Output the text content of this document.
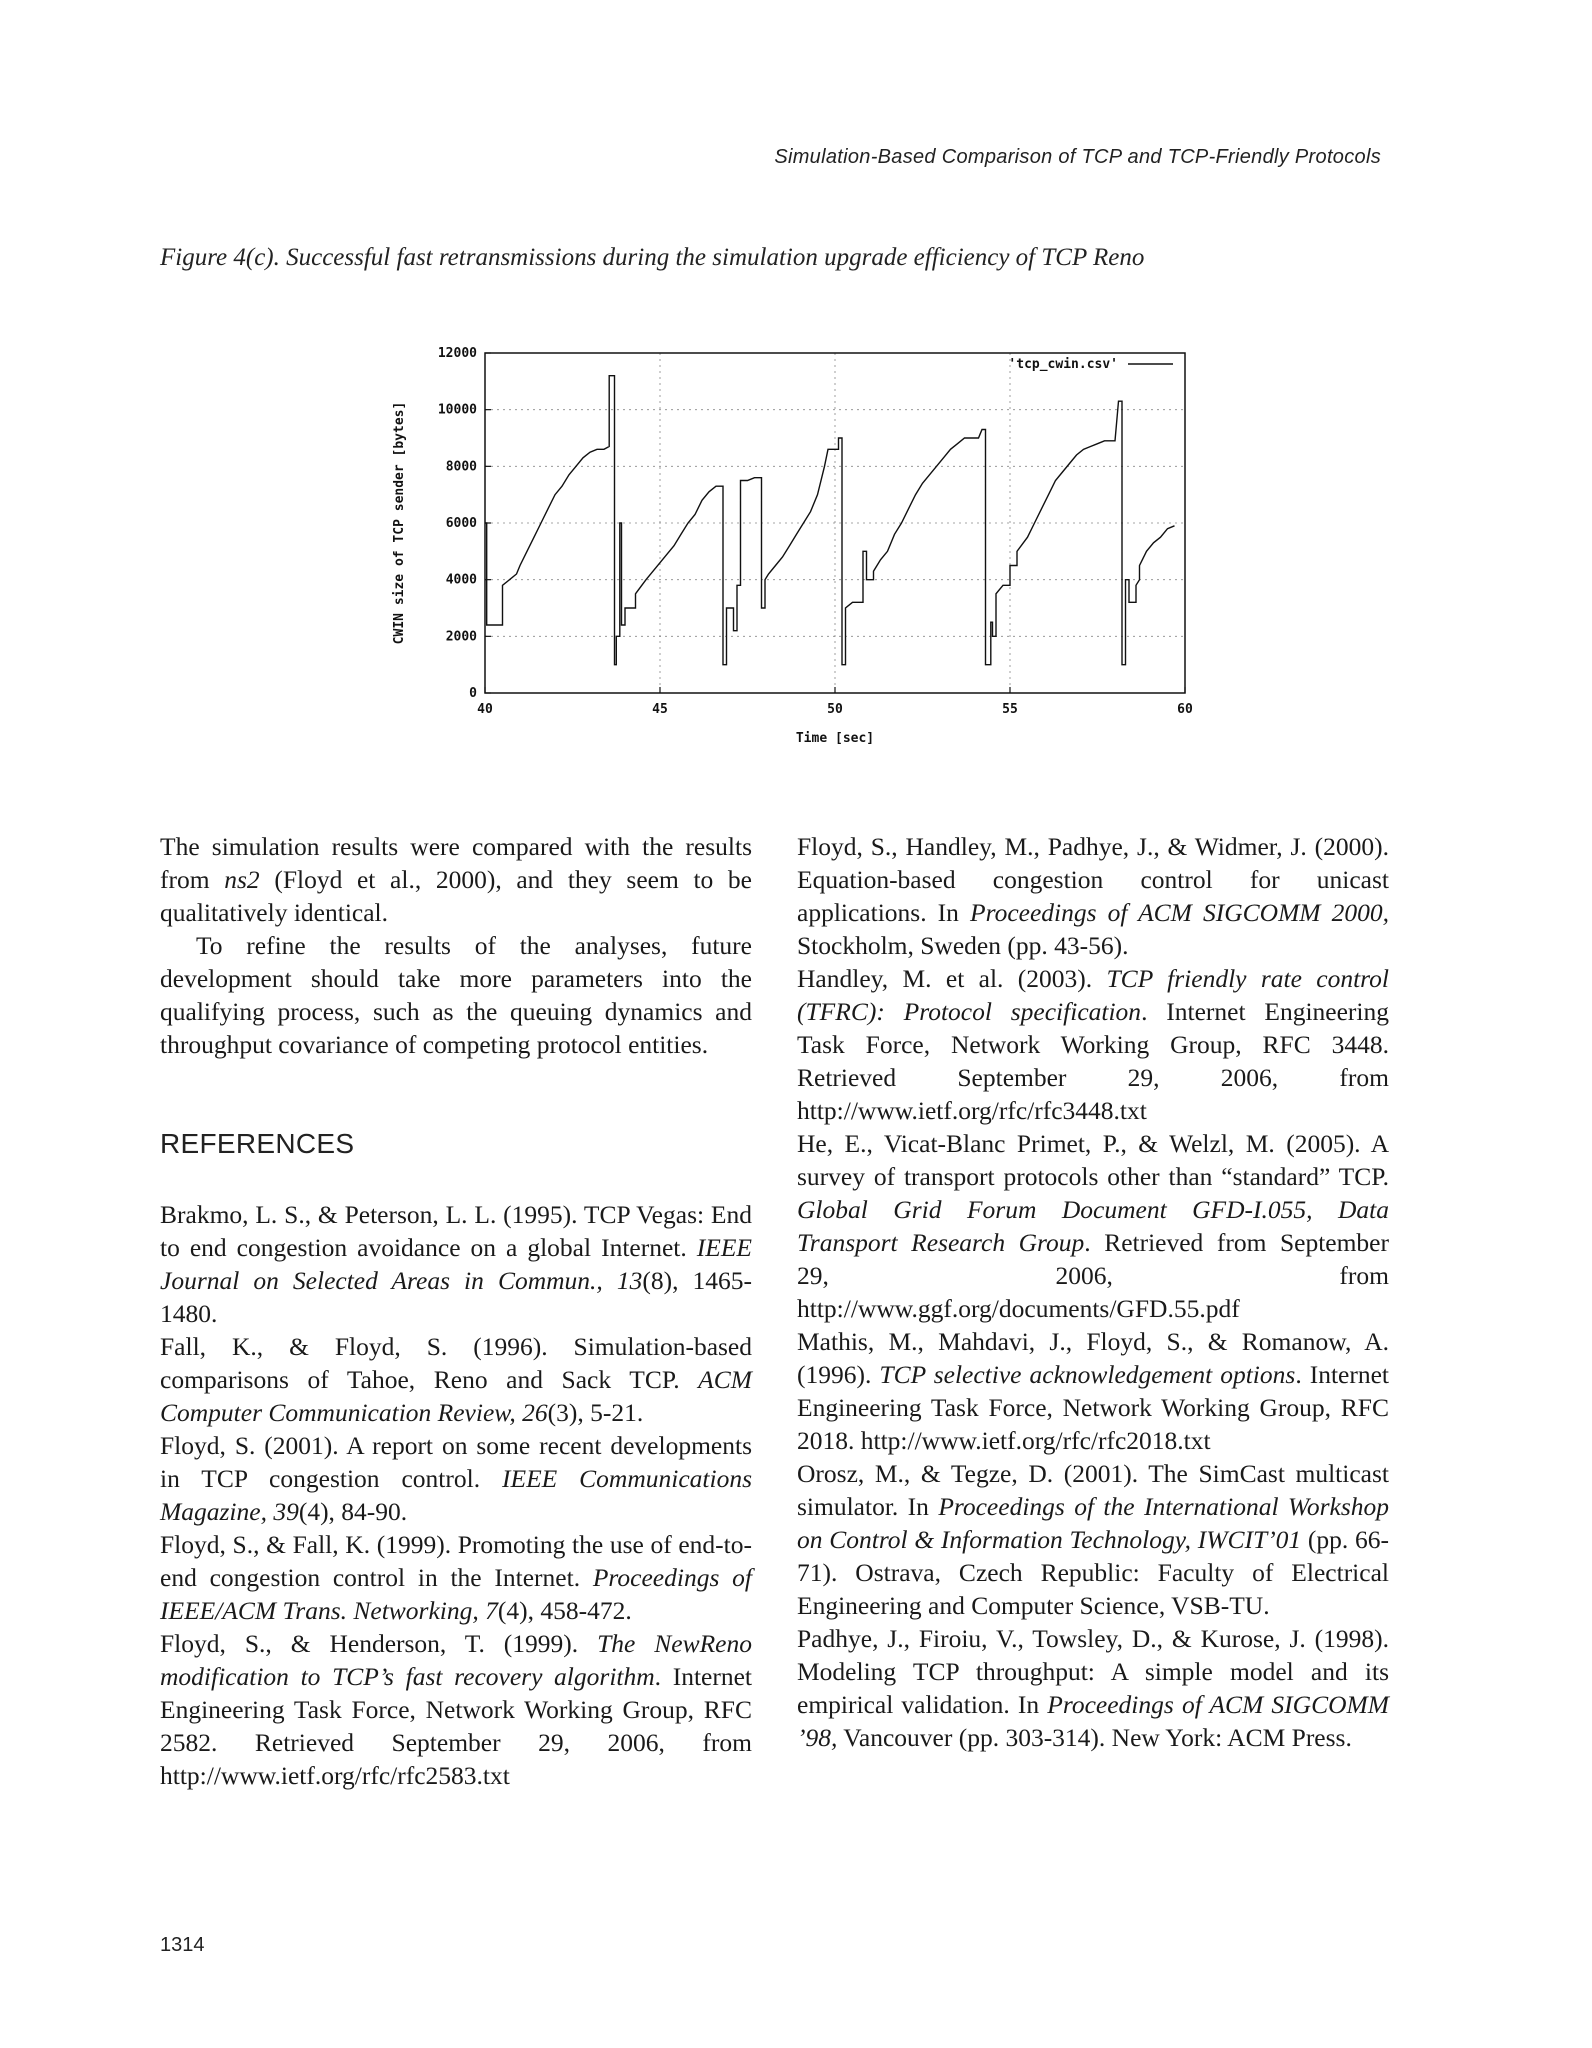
Simulation-Based Comparison of TCP and TCP-Friendly Protocols
Figure 4(c). Successful fast retransmissions during the simulation upgrade efficiency of TCP Reno
0
2000
4000
6000
8000
10000
12000
40	45	50	55	60
'tcp_cwin.csv'
Time [sec]
CWIN size of TCP sender [bytes]

The simulation results were compared with the results from ns2 (Floyd et al., 2000), and they seem to be qualitatively identical.

To refine the results of the analyses, future development should take more parameters into the qualifying process, such as the queuing dynamics and throughput covariance of competing protocol entities.

REFERENCES

Brakmo, L. S., & Peterson, L. L. (1995). TCP Vegas: End to end congestion avoidance on a global Internet. IEEE Journal on Selected Areas in Commun., 13(8), 1465-1480.

Fall, K., & Floyd, S. (1996). Simulation-based comparisons of Tahoe, Reno and Sack TCP. ACM Computer Communication Review, 26(3), 5-21.

Floyd, S. (2001). A report on some recent developments in TCP congestion control. IEEE Communications Magazine, 39(4), 84-90.

Floyd, S., & Fall, K. (1999). Promoting the use of end-to-end congestion control in the Internet. Proceedings of IEEE/ACM Trans. Networking, 7(4), 458-472.

Floyd, S., & Henderson, T. (1999). The NewReno modification to TCP’s fast recovery algorithm. Internet Engineering Task Force, Network Working Group, RFC 2582. Retrieved September 29, 2006, from http://www.ietf.org/rfc/rfc2583.txt

Floyd, S., Handley, M., Padhye, J., & Widmer, J. (2000). Equation-based congestion control for unicast applications. In Proceedings of ACM SIGCOMM 2000, Stockholm, Sweden (pp. 43-56).

Handley, M. et al. (2003). TCP friendly rate control (TFRC): Protocol specification. Internet Engineering Task Force, Network Working Group, RFC 3448. Retrieved September 29, 2006, from http://www.ietf.org/rfc/rfc3448.txt

He, E., Vicat-Blanc Primet, P., & Welzl, M. (2005). A survey of transport protocols other than “standard” TCP. Global Grid Forum Document GFD-I.055, Data Transport Research Group. Retrieved from September 29, 2006, from http://www.ggf.org/documents/GFD.55.pdf

Mathis, M., Mahdavi, J., Floyd, S., & Romanow, A. (1996). TCP selective acknowledgement options. Internet Engineering Task Force, Network Working Group, RFC 2018. http://www.ietf.org/rfc/rfc2018.txt

Orosz, M., & Tegze, D. (2001). The SimCast multicast simulator. In Proceedings of the International Workshop on Control & Information Technology, IWCIT’01 (pp. 66-71). Ostrava, Czech Republic: Faculty of Electrical Engineering and Computer Science, VSB-TU.

Padhye, J., Firoiu, V., Towsley, D., & Kurose, J. (1998). Modeling TCP throughput: A simple model and its empirical validation. In Proceedings of ACM SIGCOMM ’98, Vancouver (pp. 303-314). New York: ACM Press.

1314
